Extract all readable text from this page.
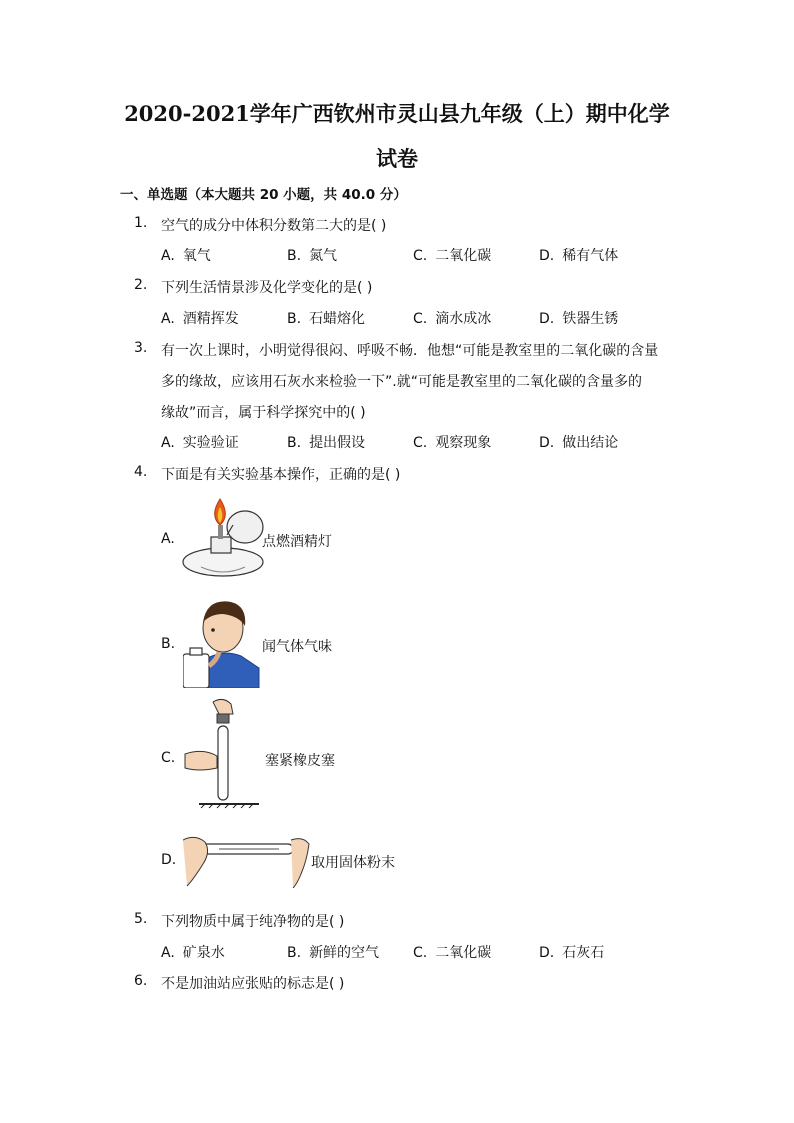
2020-2021学年广西钦州市灵山县九年级（上）期中化学
试卷
一、单选题（本大题共 20 小题，共 40.0 分）
1. 空气的成分中体积分数第二大的是( )
A. 氧气	B. 氮气	C. 二氧化碳	D. 稀有气体
2. 下列生活情景涉及化学变化的是( )
A. 酒精挥发	B. 石蜡熔化	C. 滴水成冰	D. 铁器生锈
3. 有一次上课时，小明觉得很闷、呼吸不畅．他想“可能是教室里的二氧化碳的含量
多的缘故，应该用石灰水来检验一下”.就“可能是教室里的二氧化碳的含量多的
缘故”而言，属于科学探究中的( )
A. 实验验证	B. 提出假设	C. 观察现象	D. 做出结论
4. 下面是有关实验基本操作，正确的是( )
A.	点燃酒精灯
B.	闻气体气味
C.	塞紧橡皮塞
D.	取用固体粉末
5. 下列物质中属于纯净物的是( )
A. 矿泉水	B. 新鲜的空气 C. 二氧化碳	D. 石灰石
6. 不是加油站应张贴的标志是( )
